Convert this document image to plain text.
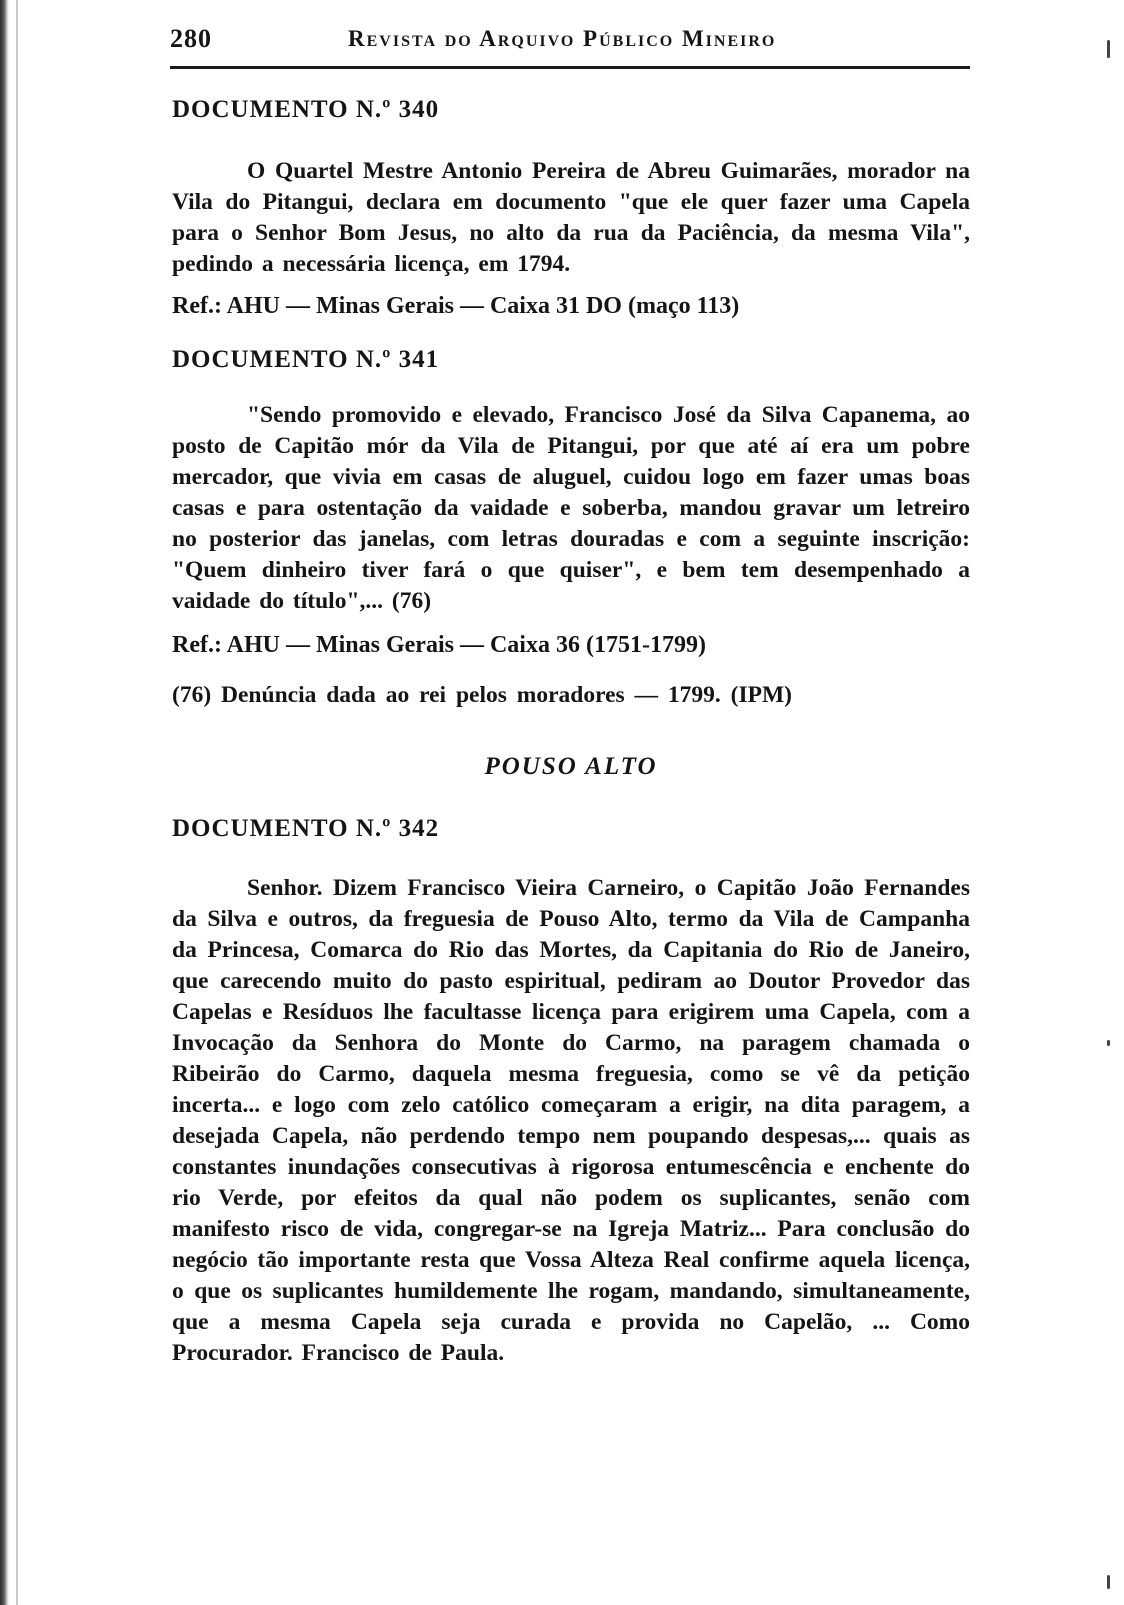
280	Revista do Arquivo Público Mineiro

DOCUMENTO N.º 340

O Quartel Mestre Antonio Pereira de Abreu Guimarães, morador na Vila do Pitangui, declara em documento "que ele quer fazer uma Capela para o Senhor Bom Jesus, no alto da rua da Paciência, da mesma Vila", pedindo a necessária licença, em 1794.

Ref.: AHU — Minas Gerais — Caixa 31 DO (maço 113)

DOCUMENTO N.º 341

"Sendo promovido e elevado, Francisco José da Silva Capanema, ao posto de Capitão mór da Vila de Pitangui, por que até aí era um pobre mercador, que vivia em casas de aluguel, cuidou logo em fazer umas boas casas e para ostentação da vaidade e soberba, mandou gravar um letreiro no posterior das janelas, com letras douradas e com a seguinte inscrição: "Quem dinheiro tiver fará o que quiser", e bem tem desempenhado a vaidade do título",... (76)

Ref.: AHU — Minas Gerais — Caixa 36 (1751-1799)

(76) Denúncia dada ao rei pelos moradores — 1799. (IPM)

POUSO ALTO

DOCUMENTO N.º 342

Senhor. Dizem Francisco Vieira Carneiro, o Capitão João Fernandes da Silva e outros, da freguesia de Pouso Alto, termo da Vila de Campanha da Princesa, Comarca do Rio das Mortes, da Capitania do Rio de Janeiro, que carecendo muito do pasto espiritual, pediram ao Doutor Provedor das Capelas e Resíduos lhe facultasse licença para erigirem uma Capela, com a Invocação da Senhora do Monte do Carmo, na paragem chamada o Ribeirão do Carmo, daquela mesma freguesia, como se vê da petição incerta... e logo com zelo católico começaram a erigir, na dita paragem, a desejada Capela, não perdendo tempo nem poupando despesas,... quais as constantes inundações consecutivas à rigorosa entumescência e enchente do rio Verde, por efeitos da qual não podem os suplicantes, senão com manifesto risco de vida, congregar-se na Igreja Matriz... Para conclusão do negócio tão importante resta que Vossa Alteza Real confirme aquela licença, o que os suplicantes humildemente lhe rogam, mandando, simultaneamente, que a mesma Capela seja curada e provida no Capelão, ... Como Procurador. Francisco de Paula.
